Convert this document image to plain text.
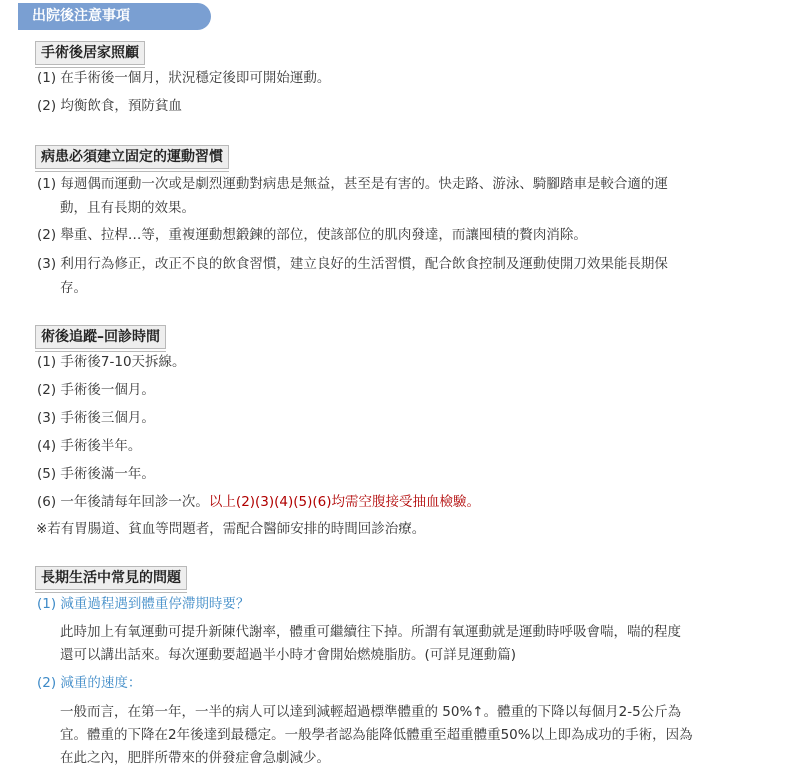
出院後注意事項
手術後居家照顧
(1) 在手術後一個月，狀況穩定後即可開始運動。
(2) 均衡飲食，預防貧血
病患必須建立固定的運動習慣
(1) 每週偶而運動一次或是劇烈運動對病患是無益，甚至是有害的。快走路、游泳、騎腳踏車是較合適的運
動，且有長期的效果。
(2) 舉重、拉桿…等，重複運動想鍛鍊的部位，使該部位的肌肉發達，而讓囤積的贅肉消除。
(3) 利用行為修正，改正不良的飲食習慣，建立良好的生活習慣，配合飲食控制及運動使開刀效果能長期保
存。
術後追蹤–回診時間
(1) 手術後7-10天拆線。
(2) 手術後一個月。
(3) 手術後三個月。
(4) 手術後半年。
(5) 手術後滿一年。
(6) 一年後請每年回診一次。以上(2)(3)(4)(5)(6)均需空腹接受抽血檢驗。
※若有胃腸道、貧血等問題者，需配合醫師安排的時間回診治療。
長期生活中常見的問題
(1) 減重過程遇到體重停滯期時要？
此時加上有氧運動可提升新陳代謝率，體重可繼續往下掉。所謂有氧運動就是運動時呼吸會喘，喘的程度
還可以講出話來。每次運動要超過半小時才會開始燃燒脂肪。(可詳見運動篇)
(2) 減重的速度：
一般而言，在第一年，一半的病人可以達到減輕超過標準體重的 50%↑。體重的下降以每個月2-5公斤為
宜。體重的下降在2年後達到最穩定。一般學者認為能降低體重至超重體重50%以上即為成功的手術，因為
在此之內，肥胖所帶來的併發症會急劇減少。
